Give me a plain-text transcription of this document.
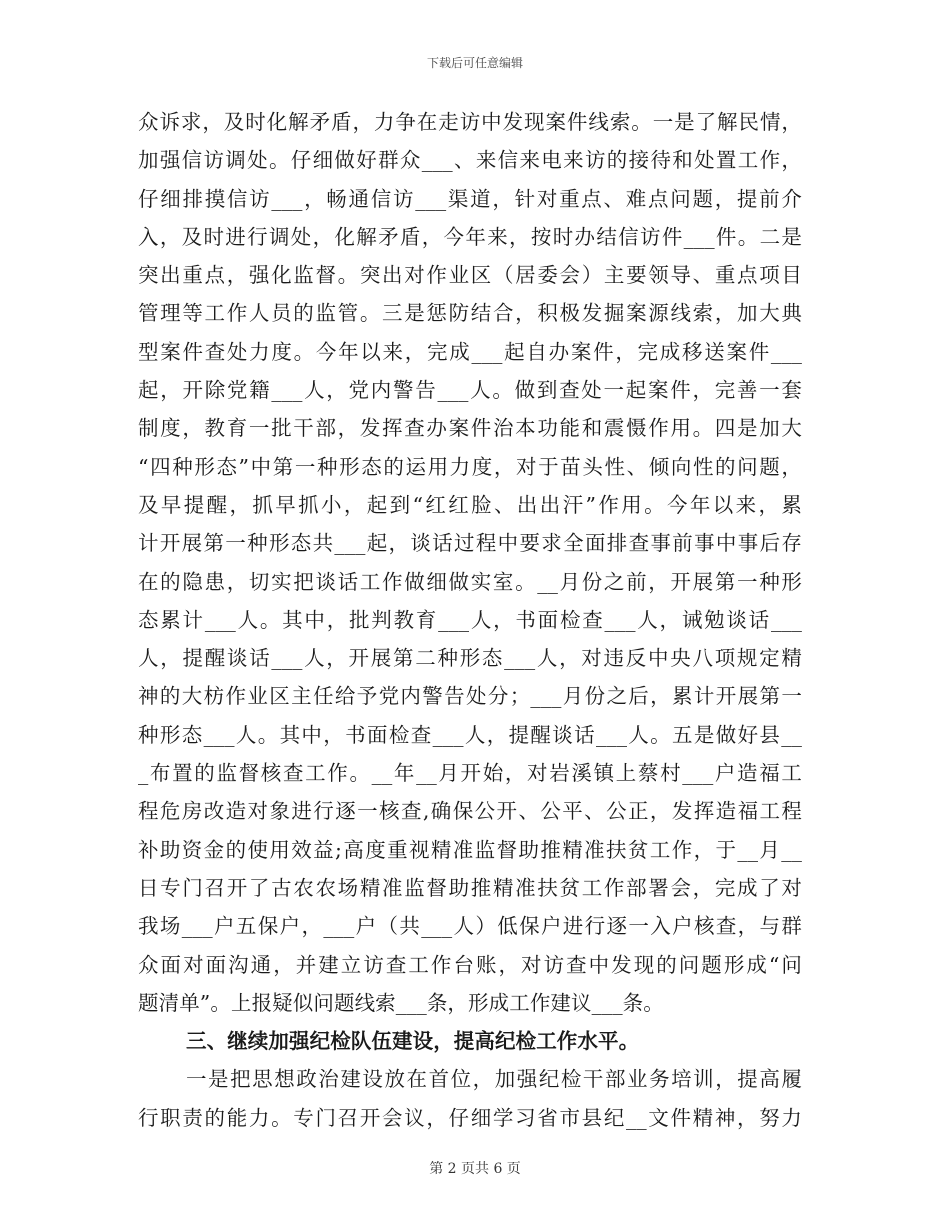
下载后可任意编辑
众诉求，及时化解矛盾，力争在走访中发现案件线索。一是了解民情，
加强信访调处。仔细做好群众___、来信来电来访的接待和处置工作，
仔细排摸信访___，畅通信访___渠道，针对重点、难点问题，提前介
入，及时进行调处，化解矛盾，今年来，按时办结信访件___件。二是
突出重点，强化监督。突出对作业区（居委会）主要领导、重点项目
管理等工作人员的监管。三是惩防结合，积极发掘案源线索，加大典
型案件查处力度。今年以来，完成___起自办案件，完成移送案件___
起，开除党籍___人，党内警告___人。做到查处一起案件，完善一套
制度，教育一批干部，发挥查办案件治本功能和震慑作用。四是加大
“四种形态”中第一种形态的运用力度，对于苗头性、倾向性的问题，
及早提醒，抓早抓小，起到“红红脸、出出汗”作用。今年以来，累
计开展第一种形态共___起，谈话过程中要求全面排查事前事中事后存
在的隐患，切实把谈话工作做细做实室。__月份之前，开展第一种形
态累计___人。其中，批判教育___人，书面检查___人，诫勉谈话___
人，提醒谈话___人，开展第二种形态___人，对违反中央八项规定精
神的大枋作业区主任给予党内警告处分；___月份之后，累计开展第一
种形态___人。其中，书面检查___人，提醒谈话___人。五是做好县__
_布置的监督核查工作。__年__月开始，对岩溪镇上蔡村___户造福工
程危房改造对象进行逐一核查,确保公开、公平、公正，发挥造福工程
补助资金的使用效益;高度重视精准监督助推精准扶贫工作，于__月__
日专门召开了古农农场精准监督助推精准扶贫工作部署会，完成了对
我场___户五保户，___户（共___人）低保户进行逐一入户核查，与群
众面对面沟通，并建立访查工作台账，对访查中发现的问题形成“问
题清单”。上报疑似问题线索___条，形成工作建议___条。
三、继续加强纪检队伍建设，提高纪检工作水平。
一是把思想政治建设放在首位，加强纪检干部业务培训，提高履
行职责的能力。专门召开会议，仔细学习省市县纪__文件精神，努力
第 2 页共 6 页
